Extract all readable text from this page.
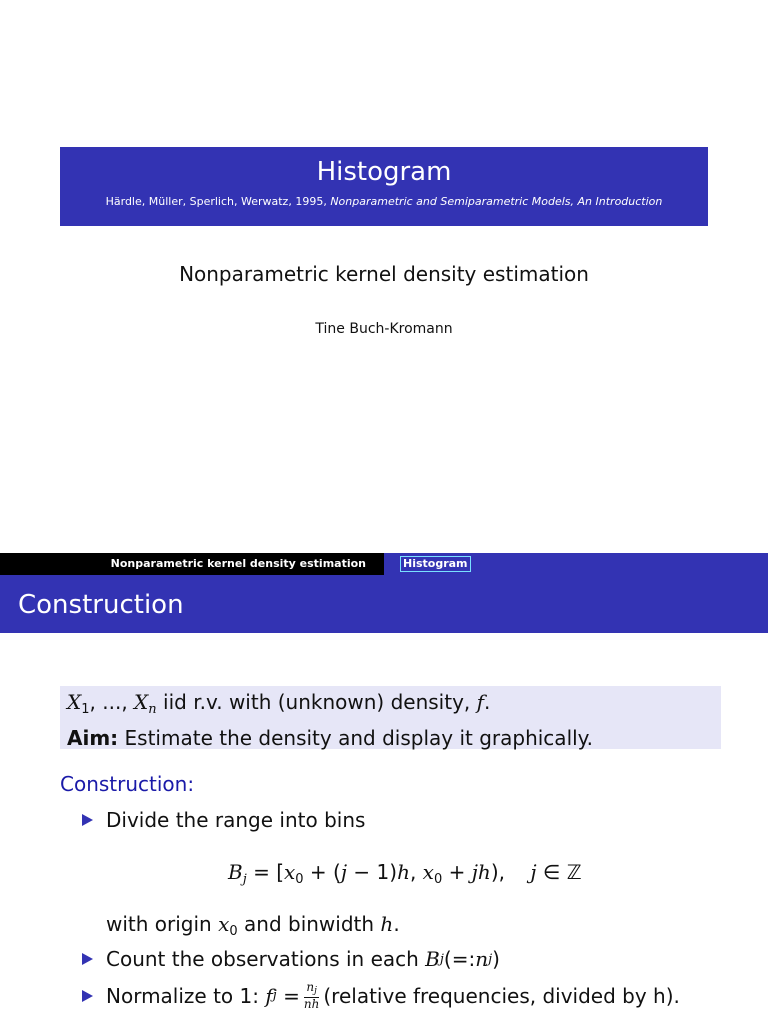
Histogram
Härdle, Müller, Sperlich, Werwatz, 1995, Nonparametric and Semiparametric Models, An Introduction
Nonparametric kernel density estimation
Tine Buch-Kromann
Nonparametric kernel density estimation	Histogram
Construction
$X_1$, ..., $X_n$ iid r.v. with (unknown) density, f.
Aim: Estimate the density and display it graphically.
Construction:
Divide the range into bins
$B_j = [x_0 + (j - 1)h$, $x_0 + jh$),    j ∈ ℤ
with origin $x_0$ and binwidth h.
Count the observations in each
B j (=: n j )
Normalize to 1:
f $j = \frac{n_j}{nh}$ (relative frequencies, divided by h).
